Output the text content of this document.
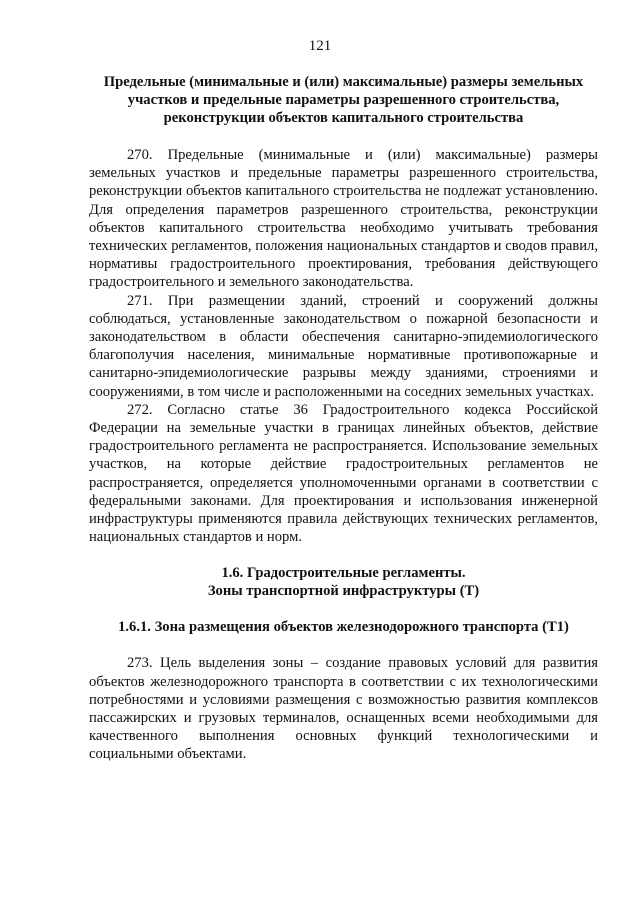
121
Предельные (минимальные и (или) максимальные) размеры земельных
участков и предельные параметры разрешенного строительства,
реконструкции объектов капитального строительства

270. Предельные (минимальные и (или) максимальные) размеры земельных участков и предельные параметры разрешенного строительства, реконструкции объектов капитального строительства не подлежат установлению. Для определения параметров разрешенного строительства, реконструкции объектов капитального строительства необходимо учитывать требования технических регламентов, положения национальных стандартов и сводов правил, нормативы градостроительного проектирования, требования действующего градостроительного и земельного законодательства.

271. При размещении зданий, строений и сооружений должны соблюдаться, установленные законодательством о пожарной безопасности и законодательством в области обеспечения санитарно-эпидемиологического благополучия населения, минимальные нормативные противопожарные и санитарно-эпидемиологические разрывы между зданиями, строениями и сооружениями, в том числе и расположенными на соседних земельных участках.

272. Согласно статье 36 Градостроительного кодекса Российской Федерации на земельные участки в границах линейных объектов, действие градостроительного регламента не распространяется. Использование земельных участков, на которые действие градостроительных регламентов не распространяется, определяется уполномоченными органами в соответствии с федеральными законами. Для проектирования и использования инженерной инфраструктуры применяются правила действующих технических регламентов, национальных стандартов и норм.

1.6. Градостроительные регламенты.
Зоны транспортной инфраструктуры (Т)
1.6.1. Зона размещения объектов железнодорожного транспорта (Т1)

273. Цель выделения зоны – создание правовых условий для развития объектов железнодорожного транспорта в соответствии с их технологическими потребностями и условиями размещения с возможностью развития комплексов пассажирских и грузовых терминалов, оснащенных всеми необходимыми для качественного выполнения основных функций технологическими и социальными объектами.
